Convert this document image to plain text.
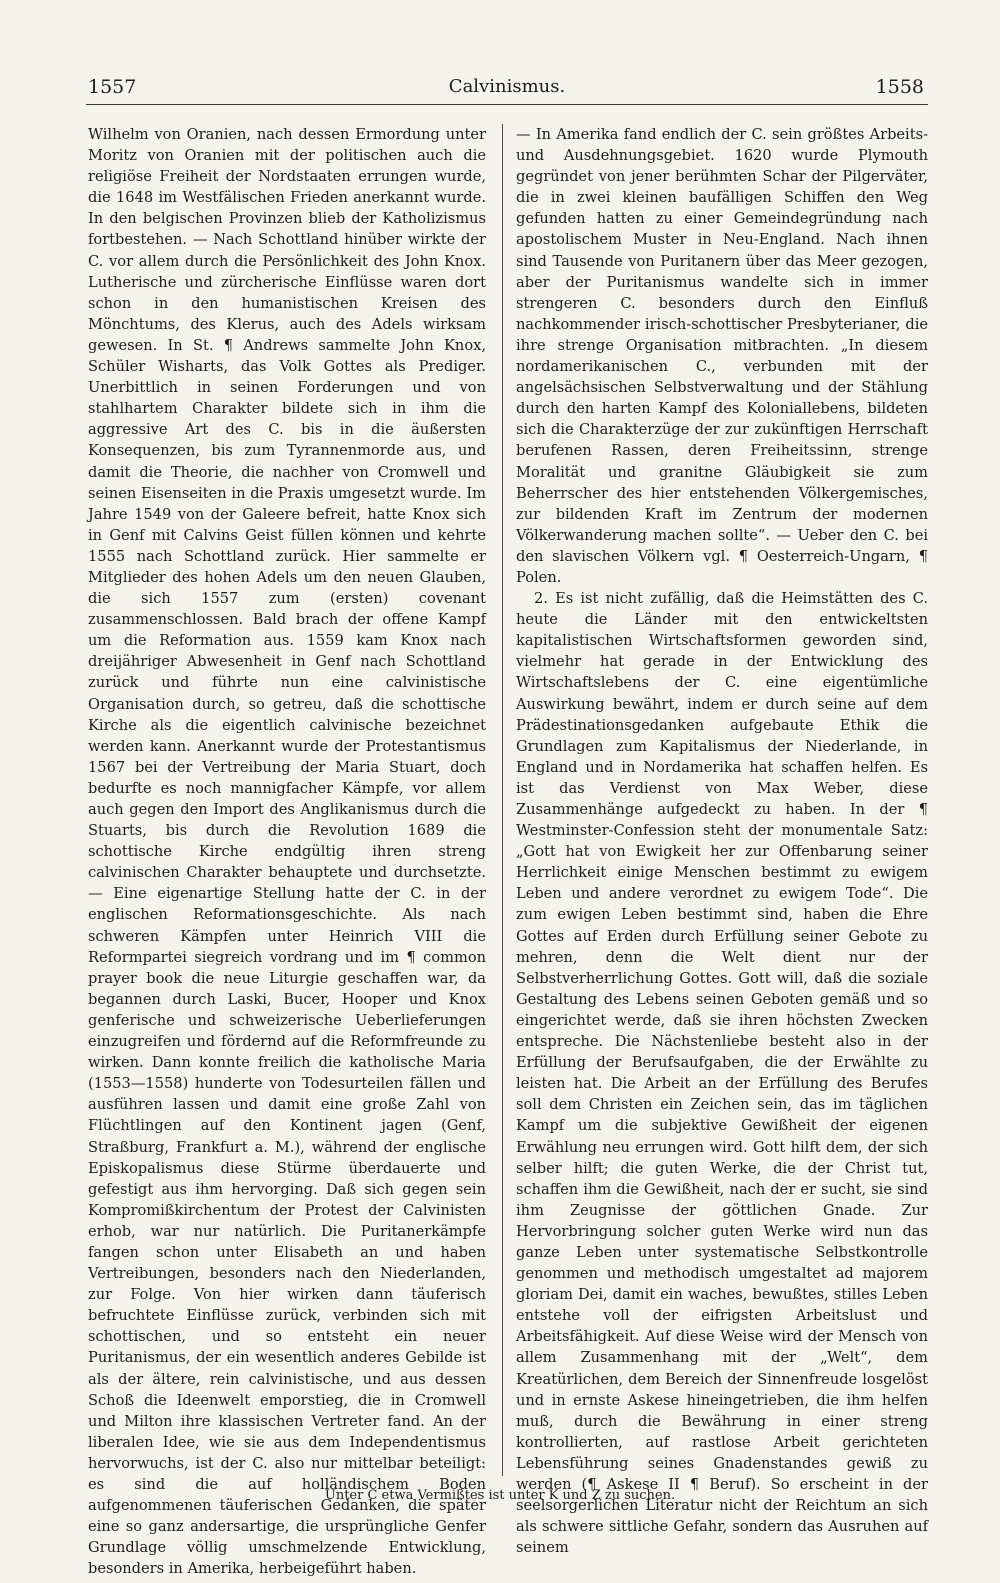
1557	Calvinismus.	1558

Wilhelm von Oranien, nach dessen Ermordung unter Moritz von Oranien mit der politischen auch die religiöse Freiheit der Nordstaaten errungen wurde, die 1648 im Westfälischen Frieden anerkannt wurde. In den belgischen Provinzen blieb der Katholizismus fortbestehen. — Nach Schottland hinüber wirkte der C. vor allem durch die Persönlichkeit des John Knox. Lutherische und zürcherische Einflüsse waren dort schon in den humanistischen Kreisen des Mönchtums, des Klerus, auch des Adels wirksam gewesen. In St. ¶ Andrews sammelte John Knox, Schüler Wisharts, das Volk Gottes als Prediger. Unerbittlich in seinen Forderungen und von stahlhartem Charakter bildete sich in ihm die aggressive Art des C. bis in die äußersten Konsequenzen, bis zum Tyrannenmorde aus, und damit die Theorie, die nachher von Cromwell und seinen Eisenseiten in die Praxis umgesetzt wurde. Im Jahre 1549 von der Galeere befreit, hatte Knox sich in Genf mit Calvins Geist füllen können und kehrte 1555 nach Schottland zurück. Hier sammelte er Mitglieder des hohen Adels um den neuen Glauben, die sich 1557 zum (ersten) covenant zusammenschlossen. Bald brach der offene Kampf um die Reformation aus. 1559 kam Knox nach dreijähriger Abwesenheit in Genf nach Schottland zurück und führte nun eine calvinistische Organisation durch, so getreu, daß die schottische Kirche als die eigentlich calvinische bezeichnet werden kann. Anerkannt wurde der Protestantismus 1567 bei der Vertreibung der Maria Stuart, doch bedurfte es noch mannigfacher Kämpfe, vor allem auch gegen den Import des Anglikanismus durch die Stuarts, bis durch die Revolution 1689 die schottische Kirche endgültig ihren streng calvinischen Charakter behauptete und durchsetzte. — Eine eigenartige Stellung hatte der C. in der englischen Reformationsgeschichte. Als nach schweren Kämpfen unter Heinrich VIII die Reformpartei siegreich vordrang und im ¶ common prayer book die neue Liturgie geschaffen war, da begannen durch Laski, Bucer, Hooper und Knox genferische und schweizerische Ueberlieferungen einzugreifen und fördernd auf die Reformfreunde zu wirken. Dann konnte freilich die katholische Maria (1553—1558) hunderte von Todesurteilen fällen und ausführen lassen und damit eine große Zahl von Flüchtlingen auf den Kontinent jagen (Genf, Straßburg, Frankfurt a. M.), während der englische Episkopalismus diese Stürme überdauerte und gefestigt aus ihm hervorging. Daß sich gegen sein Kompromißkirchentum der Protest der Calvinisten erhob, war nur natürlich. Die Puritanerkämpfe fangen schon unter Elisabeth an und haben Vertreibungen, besonders nach den Niederlanden, zur Folge. Von hier wirken dann täuferisch befruchtete Einflüsse zurück, verbinden sich mit schottischen, und so entsteht ein neuer Puritanismus, der ein wesentlich anderes Gebilde ist als der ältere, rein calvinistische, und aus dessen Schoß die Ideenwelt emporstieg, die in Cromwell und Milton ihre klassischen Vertreter fand. An der liberalen Idee, wie sie aus dem Independentismus hervorwuchs, ist der C. also nur mittelbar beteiligt: es sind die auf holländischem Boden aufgenommenen täuferischen Gedanken, die später eine so ganz andersartige, die ursprüngliche Genfer Grundlage völlig umschmelzende Entwicklung, besonders in Amerika, herbeigeführt haben.

— In Amerika fand endlich der C. sein größtes Arbeits- und Ausdehnungsgebiet. 1620 wurde Plymouth gegründet von jener berühmten Schar der Pilgerväter, die in zwei kleinen baufälligen Schiffen den Weg gefunden hatten zu einer Gemeindegründung nach apostolischem Muster in Neu-England. Nach ihnen sind Tausende von Puritanern über das Meer gezogen, aber der Puritanismus wandelte sich in immer strengeren C. besonders durch den Einfluß nachkommender irisch-schottischer Presbyterianer, die ihre strenge Organisation mitbrachten. „In diesem nordamerikanischen C., verbunden mit der angelsächsischen Selbstverwaltung und der Stählung durch den harten Kampf des Koloniallebens, bildeten sich die Charakterzüge der zur zukünftigen Herrschaft berufenen Rassen, deren Freiheitssinn, strenge Moralität und granitne Gläubigkeit sie zum Beherrscher des hier entstehenden Völkergemisches, zur bildenden Kraft im Zentrum der modernen Völkerwanderung machen sollte“. — Ueber den C. bei den slavischen Völkern vgl. ¶ Oesterreich-Ungarn, ¶ Polen.

2. Es ist nicht zufällig, daß die Heimstätten des C. heute die Länder mit den entwickeltsten kapitalistischen Wirtschaftsformen geworden sind, vielmehr hat gerade in der Entwicklung des Wirtschaftslebens der C. eine eigentümliche Auswirkung bewährt, indem er durch seine auf dem Prädestinationsgedanken aufgebaute Ethik die Grundlagen zum Kapitalismus der Niederlande, in England und in Nordamerika hat schaffen helfen. Es ist das Verdienst von Max Weber, diese Zusammenhänge aufgedeckt zu haben. In der ¶ Westminster-Confession steht der monumentale Satz: „Gott hat von Ewigkeit her zur Offenbarung seiner Herrlichkeit einige Menschen bestimmt zu ewigem Leben und andere verordnet zu ewigem Tode“. Die zum ewigen Leben bestimmt sind, haben die Ehre Gottes auf Erden durch Erfüllung seiner Gebote zu mehren, denn die Welt dient nur der Selbstverherrlichung Gottes. Gott will, daß die soziale Gestaltung des Lebens seinen Geboten gemäß und so eingerichtet werde, daß sie ihren höchsten Zwecken entspreche. Die Nächstenliebe besteht also in der Erfüllung der Berufsaufgaben, die der Erwählte zu leisten hat. Die Arbeit an der Erfüllung des Berufes soll dem Christen ein Zeichen sein, das im täglichen Kampf um die subjektive Gewißheit der eigenen Erwählung neu errungen wird. Gott hilft dem, der sich selber hilft; die guten Werke, die der Christ tut, schaffen ihm die Gewißheit, nach der er sucht, sie sind ihm Zeugnisse der göttlichen Gnade. Zur Hervorbringung solcher guten Werke wird nun das ganze Leben unter systematische Selbstkontrolle genommen und methodisch umgestaltet ad majorem gloriam Dei, damit ein waches, bewußtes, stilles Leben entstehe voll der eifrigsten Arbeitslust und Arbeitsfähigkeit. Auf diese Weise wird der Mensch von allem Zusammenhang mit der „Welt“, dem Kreatürlichen, dem Bereich der Sinnenfreude losgelöst und in ernste Askese hineingetrieben, die ihm helfen muß, durch die Bewährung in einer streng kontrollierten, auf rastlose Arbeit gerichteten Lebensführung seines Gnadenstandes gewiß zu werden (¶ Askese II ¶ Beruf). So erscheint in der seelsorgerlichen Literatur nicht der Reichtum an sich als schwere sittliche Gefahr, sondern das Ausruhen auf seinem

Unter C etwa Vermißtes ist unter K und Z zu suchen.
